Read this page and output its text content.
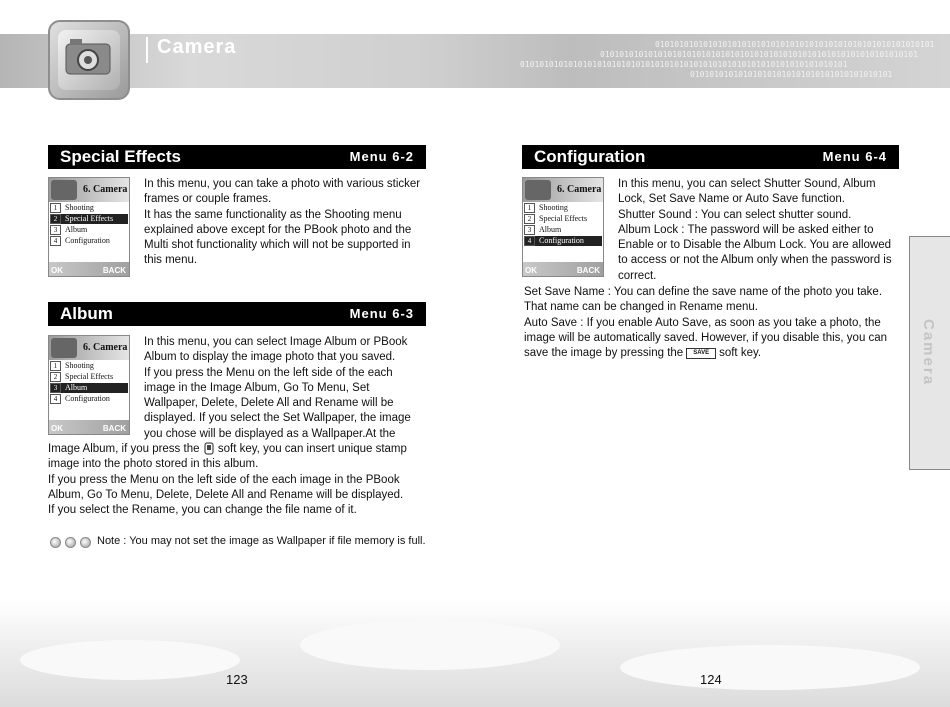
0101010101010101010101010101010101010101010101010101010101
010101010101010101010101010101010101010101010101010101010101010101
01010101010101010101010101010101010101010101010101010101010101010101
010101010101010101010101010101010101010101
Camera
Special Effects	Menu 6-2
6. Camera
1 Shooting
2 Special Effects
3 Album
4 Configuration
OK	BACK

In this menu, you can take a photo with various sticker

frames or couple frames.

It has the same functionality as the Shooting menu

explained above except for the PBook photo and the

Multi shot functionality which will not be supported in

this menu.

Album	Menu 6-3
6. Camera
1 Shooting
2 Special Effects
3 Album
4 Configuration
OK	BACK

In this menu, you can select Image Album or PBook

Album to display the image photo that you saved.

If you press the Menu on the left side of the each

image in the Image Album, Go To Menu, Set

Wallpaper, Delete, Delete All and Rename will be

displayed. If you select the Set Wallpaper, the image

you chose will be displayed as a Wallpaper.At the

Image Album, if you press the soft key, you can insert unique stamp

image into the photo stored in this album.

If you press the Menu on the left side of the each image in the PBook

Album, Go To Menu, Delete, Delete All and Rename will be displayed.

If you select the Rename, you can change the file name of it.

Note : You may not set the image as Wallpaper if file memory is full.
Configuration	Menu 6-4
6. Camera
1 Shooting
2 Special Effects
3 Album
4 Configuration
OK	BACK

In this menu, you can select Shutter Sound, Album

Lock, Set Save Name or Auto Save function.

Shutter Sound : You can select shutter sound.

Album Lock : The password will be asked either to

Enable or to Disable the Album Lock. You are allowed

to access or not the Album only when the password is

correct.

Set Save Name : You can define the save name of the photo you take.

That name can be changed in Rename menu.

Auto Save : If you enable Auto Save, as soon as you take a photo, the

image will be automatically saved. However, if you disable this, you can

save the image by pressing the SAVE soft key.	Camera
123	124
